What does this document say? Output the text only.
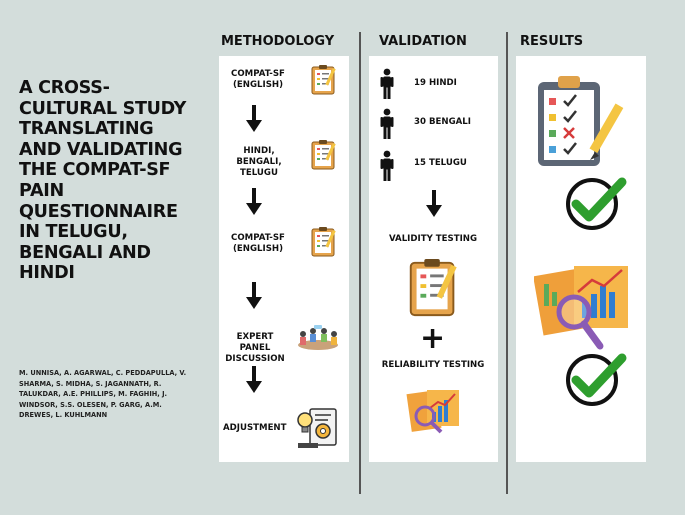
A CROSS-CULTURAL STUDY TRANSLATING AND VALIDATING THE COMPAT-SF PAIN QUESTIONNAIRE IN TELUGU, BENGALI AND HINDI
M. UNNISA, A. AGARWAL, C. PEDDAPULLA, V. SHARMA, S. MIDHA, S. JAGANNATH, R. TALUKDAR, A.E. PHILLIPS, M. FAGHIH, J. WINDSOR, S.S. OLESEN, P. GARG, A.M. DREWES, L. KUHLMANN
METHODOLOGY	VALIDATION	RESULTS
COMPAT-SF (ENGLISH)
HINDI, BENGALI, TELUGU
COMPAT-SF (ENGLISH)
EXPERT PANEL DISCUSSION
ADJUSTMENT
19 HINDI
30 BENGALI
15 TELUGU
VALIDITY TESTING
+
RELIABILITY TESTING
